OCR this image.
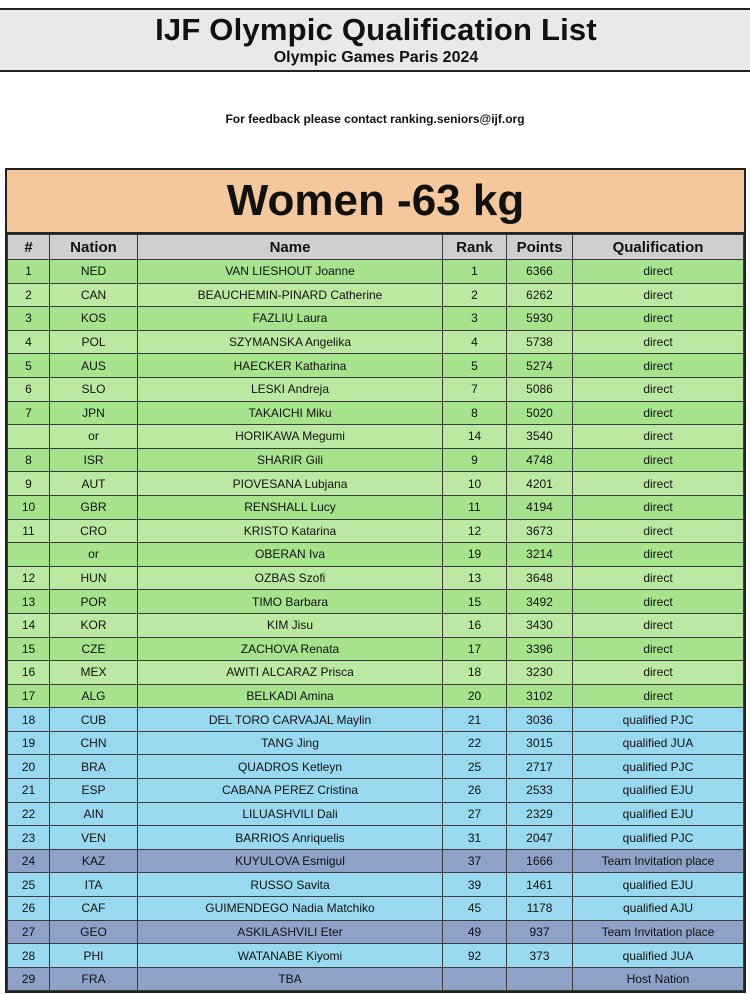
IJF Olympic Qualification List
Olympic Games Paris 2024
For feedback please contact ranking.seniors@ijf.org
Women -63 kg
#	Nation	Name	Rank	Points	Qualification
1	NED	VAN LIESHOUT Joanne	1	6366	direct
2	CAN	BEAUCHEMIN-PINARD Catherine	2	6262	direct
3	KOS	FAZLIU Laura	3	5930	direct
4	POL	SZYMANSKA Angelika	4	5738	direct
5	AUS	HAECKER Katharina	5	5274	direct
6	SLO	LESKI Andreja	7	5086	direct
7	JPN	TAKAICHI Miku	8	5020	direct
	or	HORIKAWA Megumi	14	3540	direct
8	ISR	SHARIR Gili	9	4748	direct
9	AUT	PIOVESANA Lubjana	10	4201	direct
10	GBR	RENSHALL Lucy	11	4194	direct
11	CRO	KRISTO Katarina	12	3673	direct
	or	OBERAN Iva	19	3214	direct
12	HUN	OZBAS Szofi	13	3648	direct
13	POR	TIMO Barbara	15	3492	direct
14	KOR	KIM Jisu	16	3430	direct
15	CZE	ZACHOVA Renata	17	3396	direct
16	MEX	AWITI ALCARAZ Prisca	18	3230	direct
17	ALG	BELKADI Amina	20	3102	direct
18	CUB	DEL TORO CARVAJAL Maylin	21	3036	qualified PJC
19	CHN	TANG Jing	22	3015	qualified JUA
20	BRA	QUADROS Ketleyn	25	2717	qualified PJC
21	ESP	CABANA PEREZ Cristina	26	2533	qualified EJU
22	AIN	LILUASHVILI Dali	27	2329	qualified EJU
23	VEN	BARRIOS Anriquelis	31	2047	qualified PJC
24	KAZ	KUYULOVA Esmigul	37	1666	Team Invitation place
25	ITA	RUSSO Savita	39	1461	qualified EJU
26	CAF	GUIMENDEGO Nadia Matchiko	45	1178	qualified AJU
27	GEO	ASKILASHVILI Eter	49	937	Team Invitation place
28	PHI	WATANABE Kiyomi	92	373	qualified JUA
29	FRA	TBA			Host Nation
